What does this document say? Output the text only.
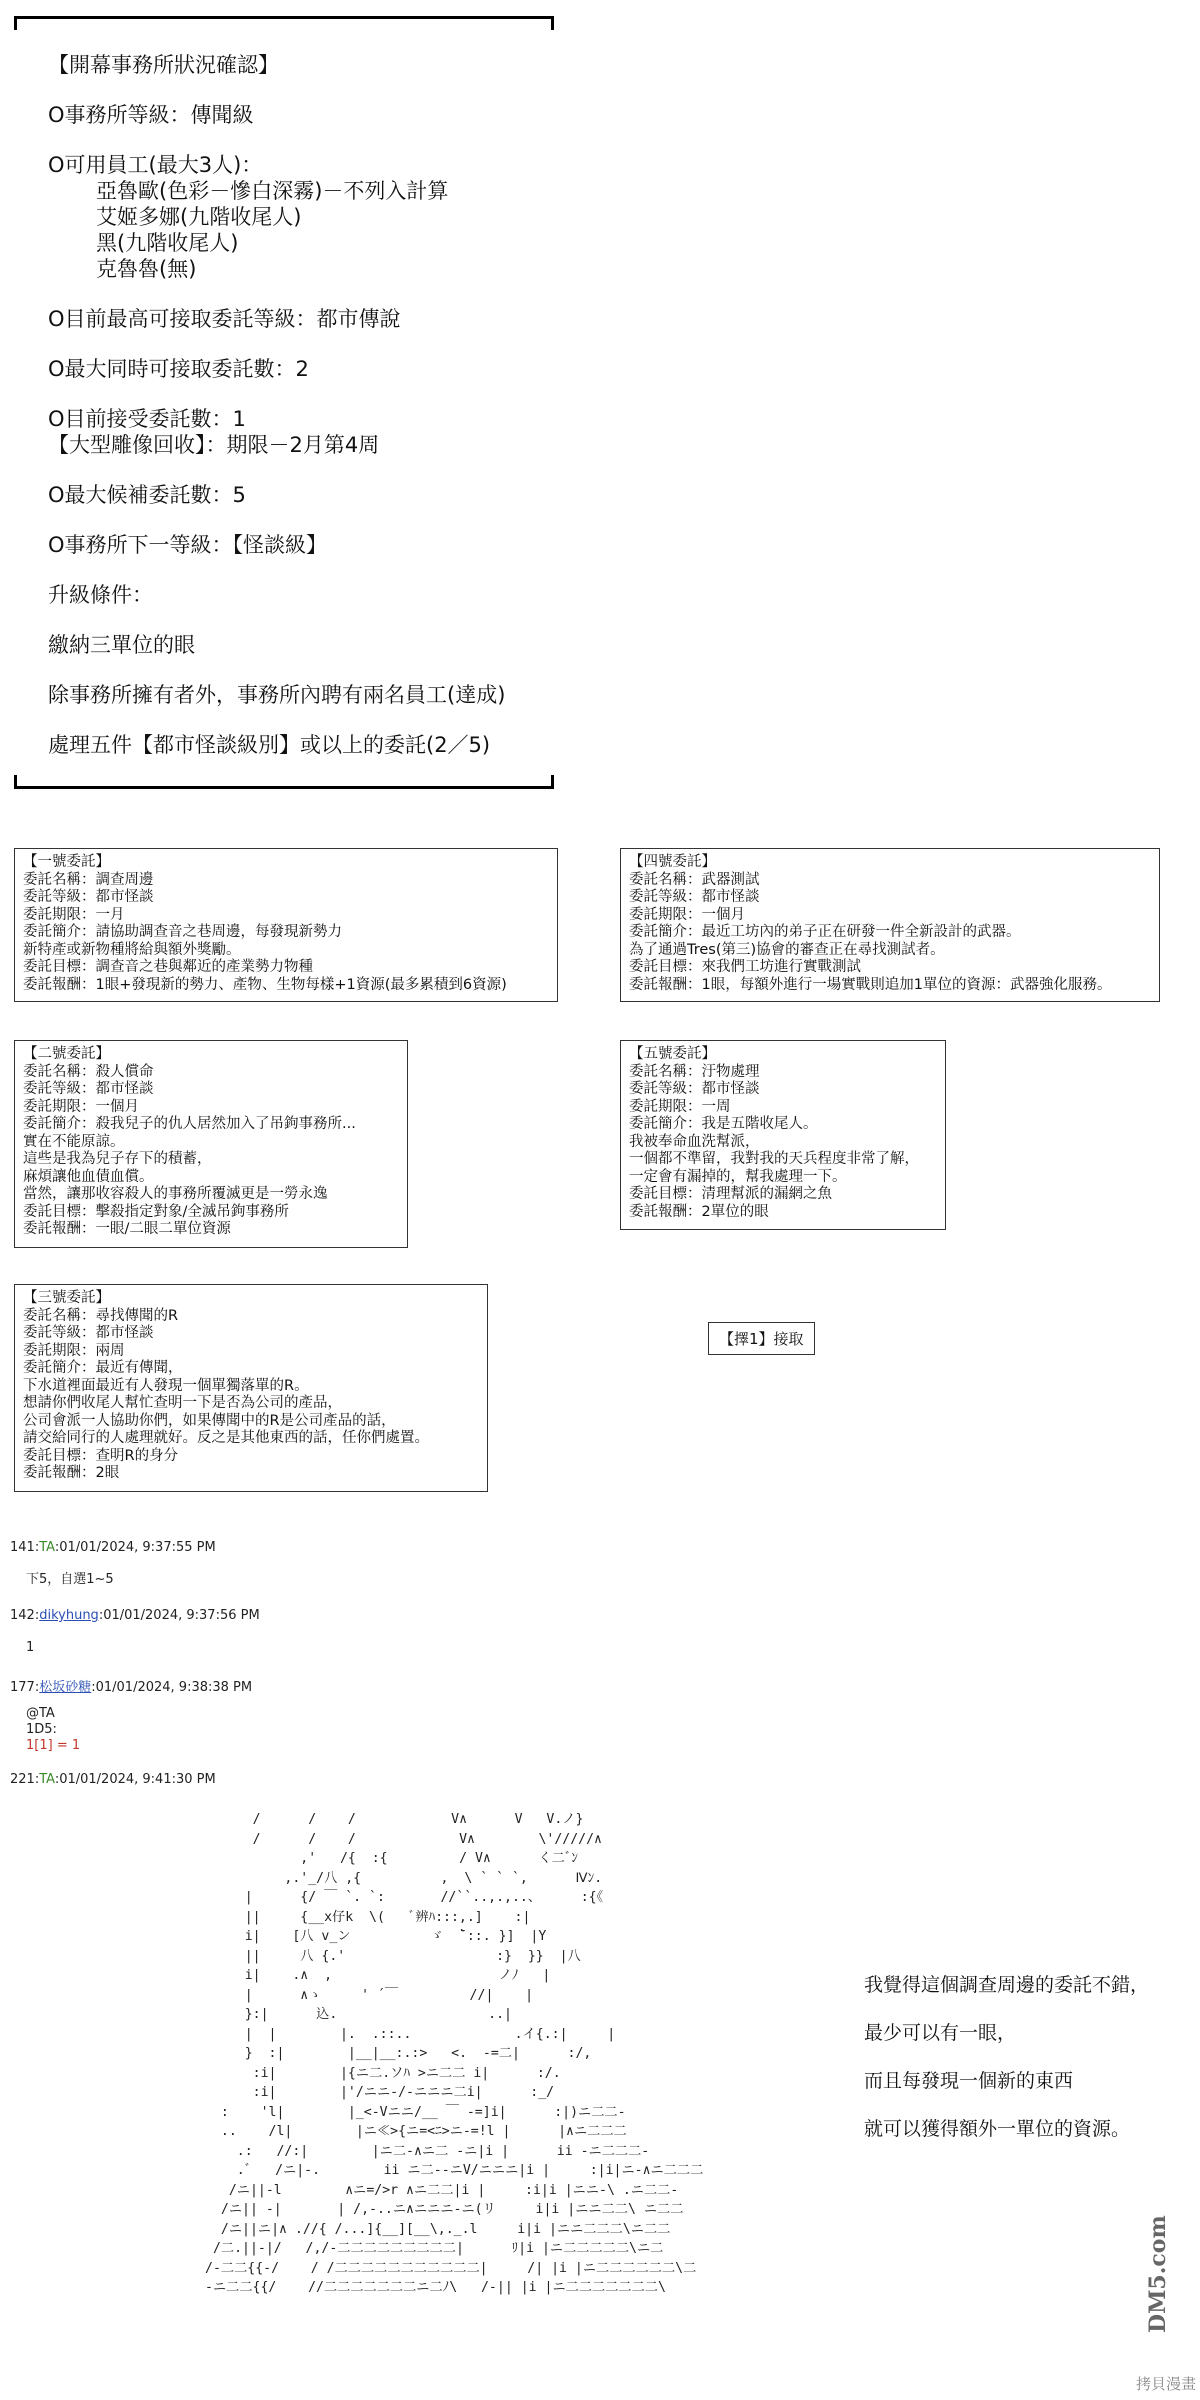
【開幕事務所狀況確認】
O事務所等級：傳聞級
O可用員工(最大3人)：
亞魯歐(色彩－慘白深霧)－不列入計算
艾姬多娜(九階收尾人)
黑(九階收尾人)
克魯魯(無)
O目前最高可接取委託等級：都市傳說
O最大同時可接取委託數：2
O目前接受委託數：1
【大型雕像回收】：期限－2月第4周
O最大候補委託數：5
O事務所下一等級：【怪談級】
升級條件：
繳納三單位的眼
除事務所擁有者外，事務所內聘有兩名員工(達成)
處理五件【都市怪談級別】或以上的委託(2／5)
【一號委託】
委託名稱：調查周邊
委託等級：都市怪談
委託期限：一月
委託簡介：請協助調查音之巷周邊，每發現新勢力
新特產或新物種將給與額外獎勵。
委託目標：調查音之巷與鄰近的產業勢力物種
委託報酬：1眼+發現新的勢力、產物、生物每樣+1資源(最多累積到6資源)
【四號委託】
委託名稱：武器測試
委託等級：都市怪談
委託期限：一個月
委託簡介：最近工坊內的弟子正在研發一件全新設計的武器。
為了通過Tres(第三)協會的審查正在尋找測試者。
委託目標：來我們工坊進行實戰測試
委託報酬：1眼，每額外進行一場實戰則追加1單位的資源：武器強化服務。
【二號委託】
委託名稱：殺人償命
委託等級：都市怪談
委託期限：一個月
委託簡介：殺我兒子的仇人居然加入了吊鉤事務所...
實在不能原諒。
這些是我為兒子存下的積蓄，
麻煩讓他血債血償。
當然，讓那收容殺人的事務所覆滅更是一勞永逸
委託目標：擊殺指定對象/全滅吊鉤事務所
委託報酬：一眼/二眼二單位資源
【五號委託】
委託名稱：汙物處理
委託等級：都市怪談
委託期限：一周
委託簡介：我是五階收尾人。
我被奉命血洗幫派，
一個都不準留，我對我的天兵程度非常了解，
一定會有漏掉的，幫我處理一下。
委託目標：清理幫派的漏網之魚
委託報酬：2單位的眼
【三號委託】
委託名稱：尋找傳聞的R
委託等級：都市怪談
委託期限：兩周
委託簡介：最近有傳聞，
下水道裡面最近有人發現一個單獨落單的R。
想請你們收尾人幫忙查明一下是否為公司的產品，
公司會派一人協助你們，如果傳聞中的R是公司產品的話，
請交給同行的人處理就好。反之是其他東西的話，任你們處置。
委託目標：查明R的身分
委託報酬：2眼
【擇1】接取
141:TA:01/01/2024, 9:37:55 PM
下5，自選1~5
142:dikyhung:01/01/2024, 9:37:56 PM
1
177:松坂砂糖:01/01/2024, 9:38:38 PM
@TA
1D5:
1[1] = 1
221:TA:01/01/2024, 9:41:30 PM
/      /    /            V∧      V   V.ノ}
/      /    /             V∧        \'/////∧
,'   /{  :{         / V∧      く二ﾞﾝ
,.'_/八 ,{          ,  \ ` ` `,      Ⅳﾝ.
|      {/ ￣ `. `:       //``..,.,..、     :{《
||     {__x仔k  \(   ﾞ辨ﾊ:::,.]    :|
i|    [八 v_ン          ゞ  ̄`::. }]  |Y
||     八 {.'                   :}  }}  |八
i|    .∧  ,                     ノﾉ   |
|      ∧ゝ     ' ´￣         //|    |
}:|      込.                   ..|
|  |        |.  .::..             .イ{.:|     |
}  :|        |__|__:.:>   <.  -=二|      :/,
:i|        |{ニ二.ソﾊ >ニ二二 i|      :/.
:i|        |'/ニニ-/-ニニニ二i|      :_/
:    'l|        |_<-Vニニ/__ ￣ -=]i|      :|)ニ二二-
..    /l|        |ニ≪>{ニ=<ﾆ>ニ-=!l |      |∧ニ二二二
.:   //:|        |ニ二-∧ニ二 ‐ニ|i |      ii ‐ニ二二二-
.ﾞ   /ニ|-.        ii ニ二-‐ニV/ニニニ|i |     :|i|ニ-∧ニ二二二
/ニ||-l        ∧ニ=/>r ∧ニ二二|i |     :i|i |ニニ-\ .ニ二二-
/ニ|| -|       | /,-..ニ∧ニニニ‐ニ(リ     i|i |ニニ二二\ ニ二二
/ニ||ニ|∧ .//{ /...]{__][__\,._.l     i|i |ニニ二二二\ニ二二
/二.||-|/   /,/-二二二二二二二二二|      ﾘ|i |ニ二二二二二\ニ二
/-二二{{-/    / /二二二二二二二二二二二|     /| |i |ニ二二二二二二\二
‐ニ二二{{/    //二二二二二二二ニ二ﾉ\   /-|| |i |ニ二二二二二二二\
我覺得這個調查周邊的委託不錯，
最少可以有一眼，
而且每發現一個新的東西
就可以獲得額外一單位的資源。
DM5.com
拷貝漫畫
